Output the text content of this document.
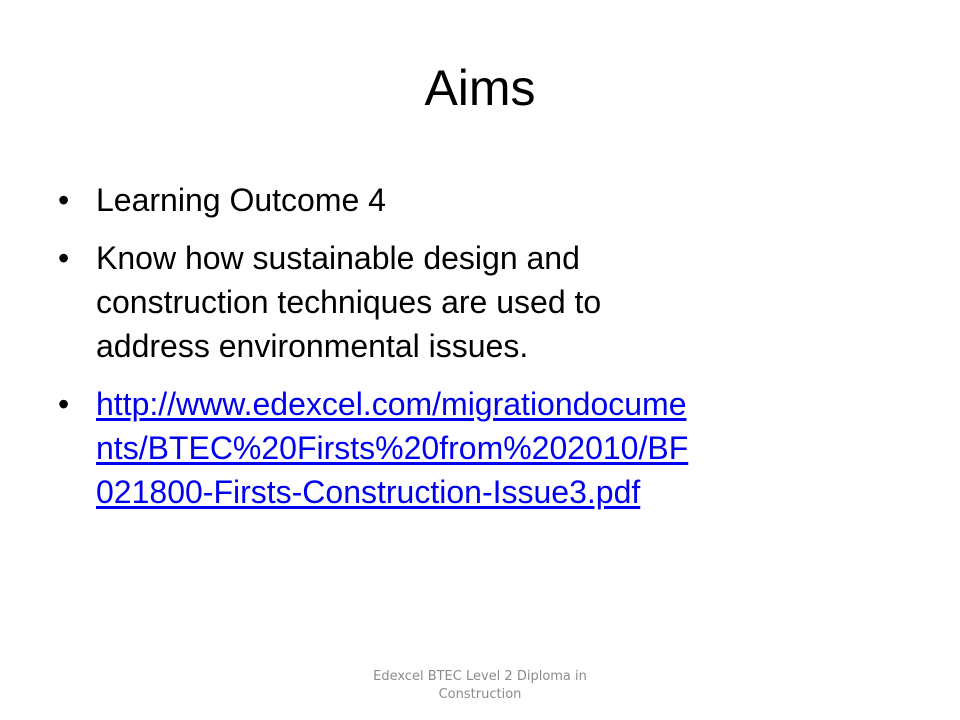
Aims
• Learning Outcome 4
• Know how sustainable design and
construction techniques are used to
address environmental issues.
• http://www.edexcel.com/migrationdocume
nts/BTEC%20Firsts%20from%202010/BF
021800-Firsts-Construction-Issue3.pdf
Edexcel BTEC Level 2 Diploma in
Construction
